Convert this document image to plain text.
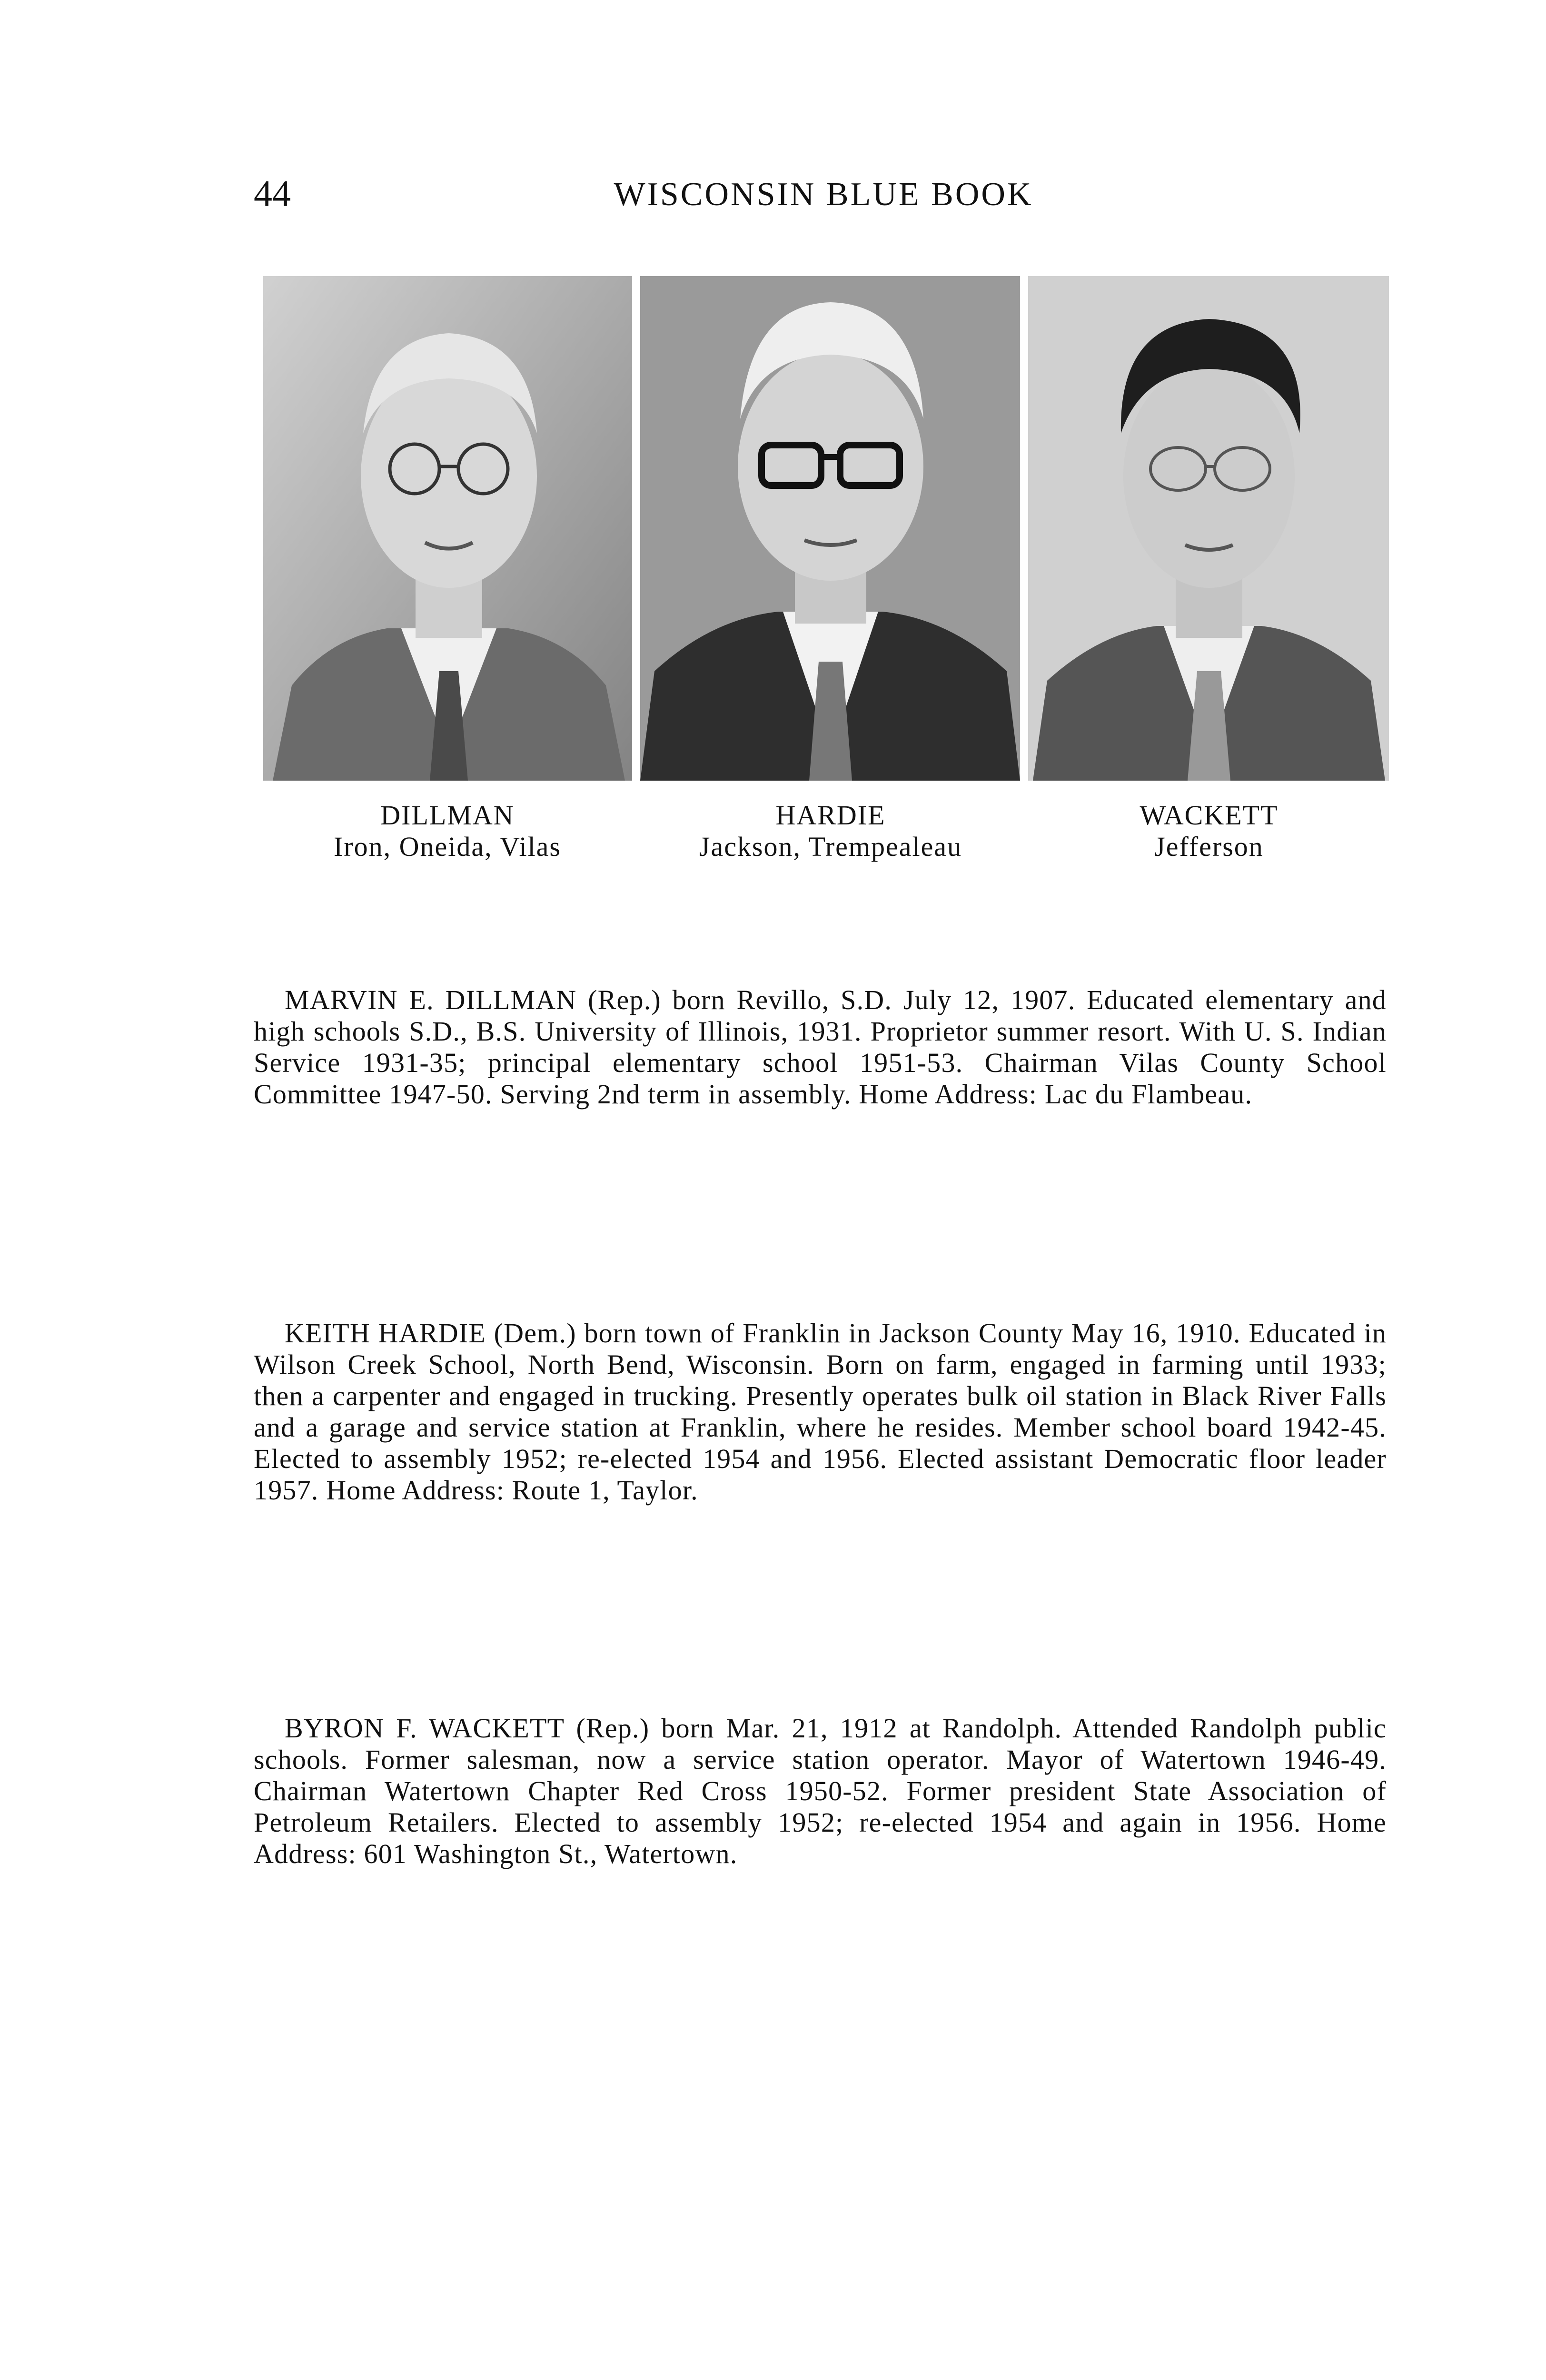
44	WISCONSIN BLUE BOOK
DILLMAN
Iron, Oneida, Vilas
HARDIE
Jackson, Trempealeau
WACKETT
Jefferson

MARVIN E. DILLMAN (Rep.) born Revillo, S.D. July 12, 1907. Educated elementary and high schools S.D., B.S. University of Illinois, 1931. Proprietor summer resort. With U. S. Indian Service 1931-35; principal elementary school 1951-53. Chairman Vilas County School Committee 1947-50. Serving 2nd term in assembly. Home Address: Lac du Flambeau.

KEITH HARDIE (Dem.) born town of Franklin in Jackson County May 16, 1910. Educated in Wilson Creek School, North Bend, Wisconsin. Born on farm, engaged in farming until 1933; then a carpenter and engaged in trucking. Presently operates bulk oil station in Black River Falls and a garage and service station at Franklin, where he resides. Member school board 1942-45. Elected to assembly 1952; re-elected 1954 and 1956. Elected assistant Democratic floor leader 1957. Home Address: Route 1, Taylor.

BYRON F. WACKETT (Rep.) born Mar. 21, 1912 at Randolph. Attended Randolph public schools. Former salesman, now a service station operator. Mayor of Watertown 1946-49. Chairman Watertown Chapter Red Cross 1950-52. Former president State Association of Petroleum Retailers. Elected to assembly 1952; re-elected 1954 and again in 1956. Home Address: 601 Washington St., Watertown.
